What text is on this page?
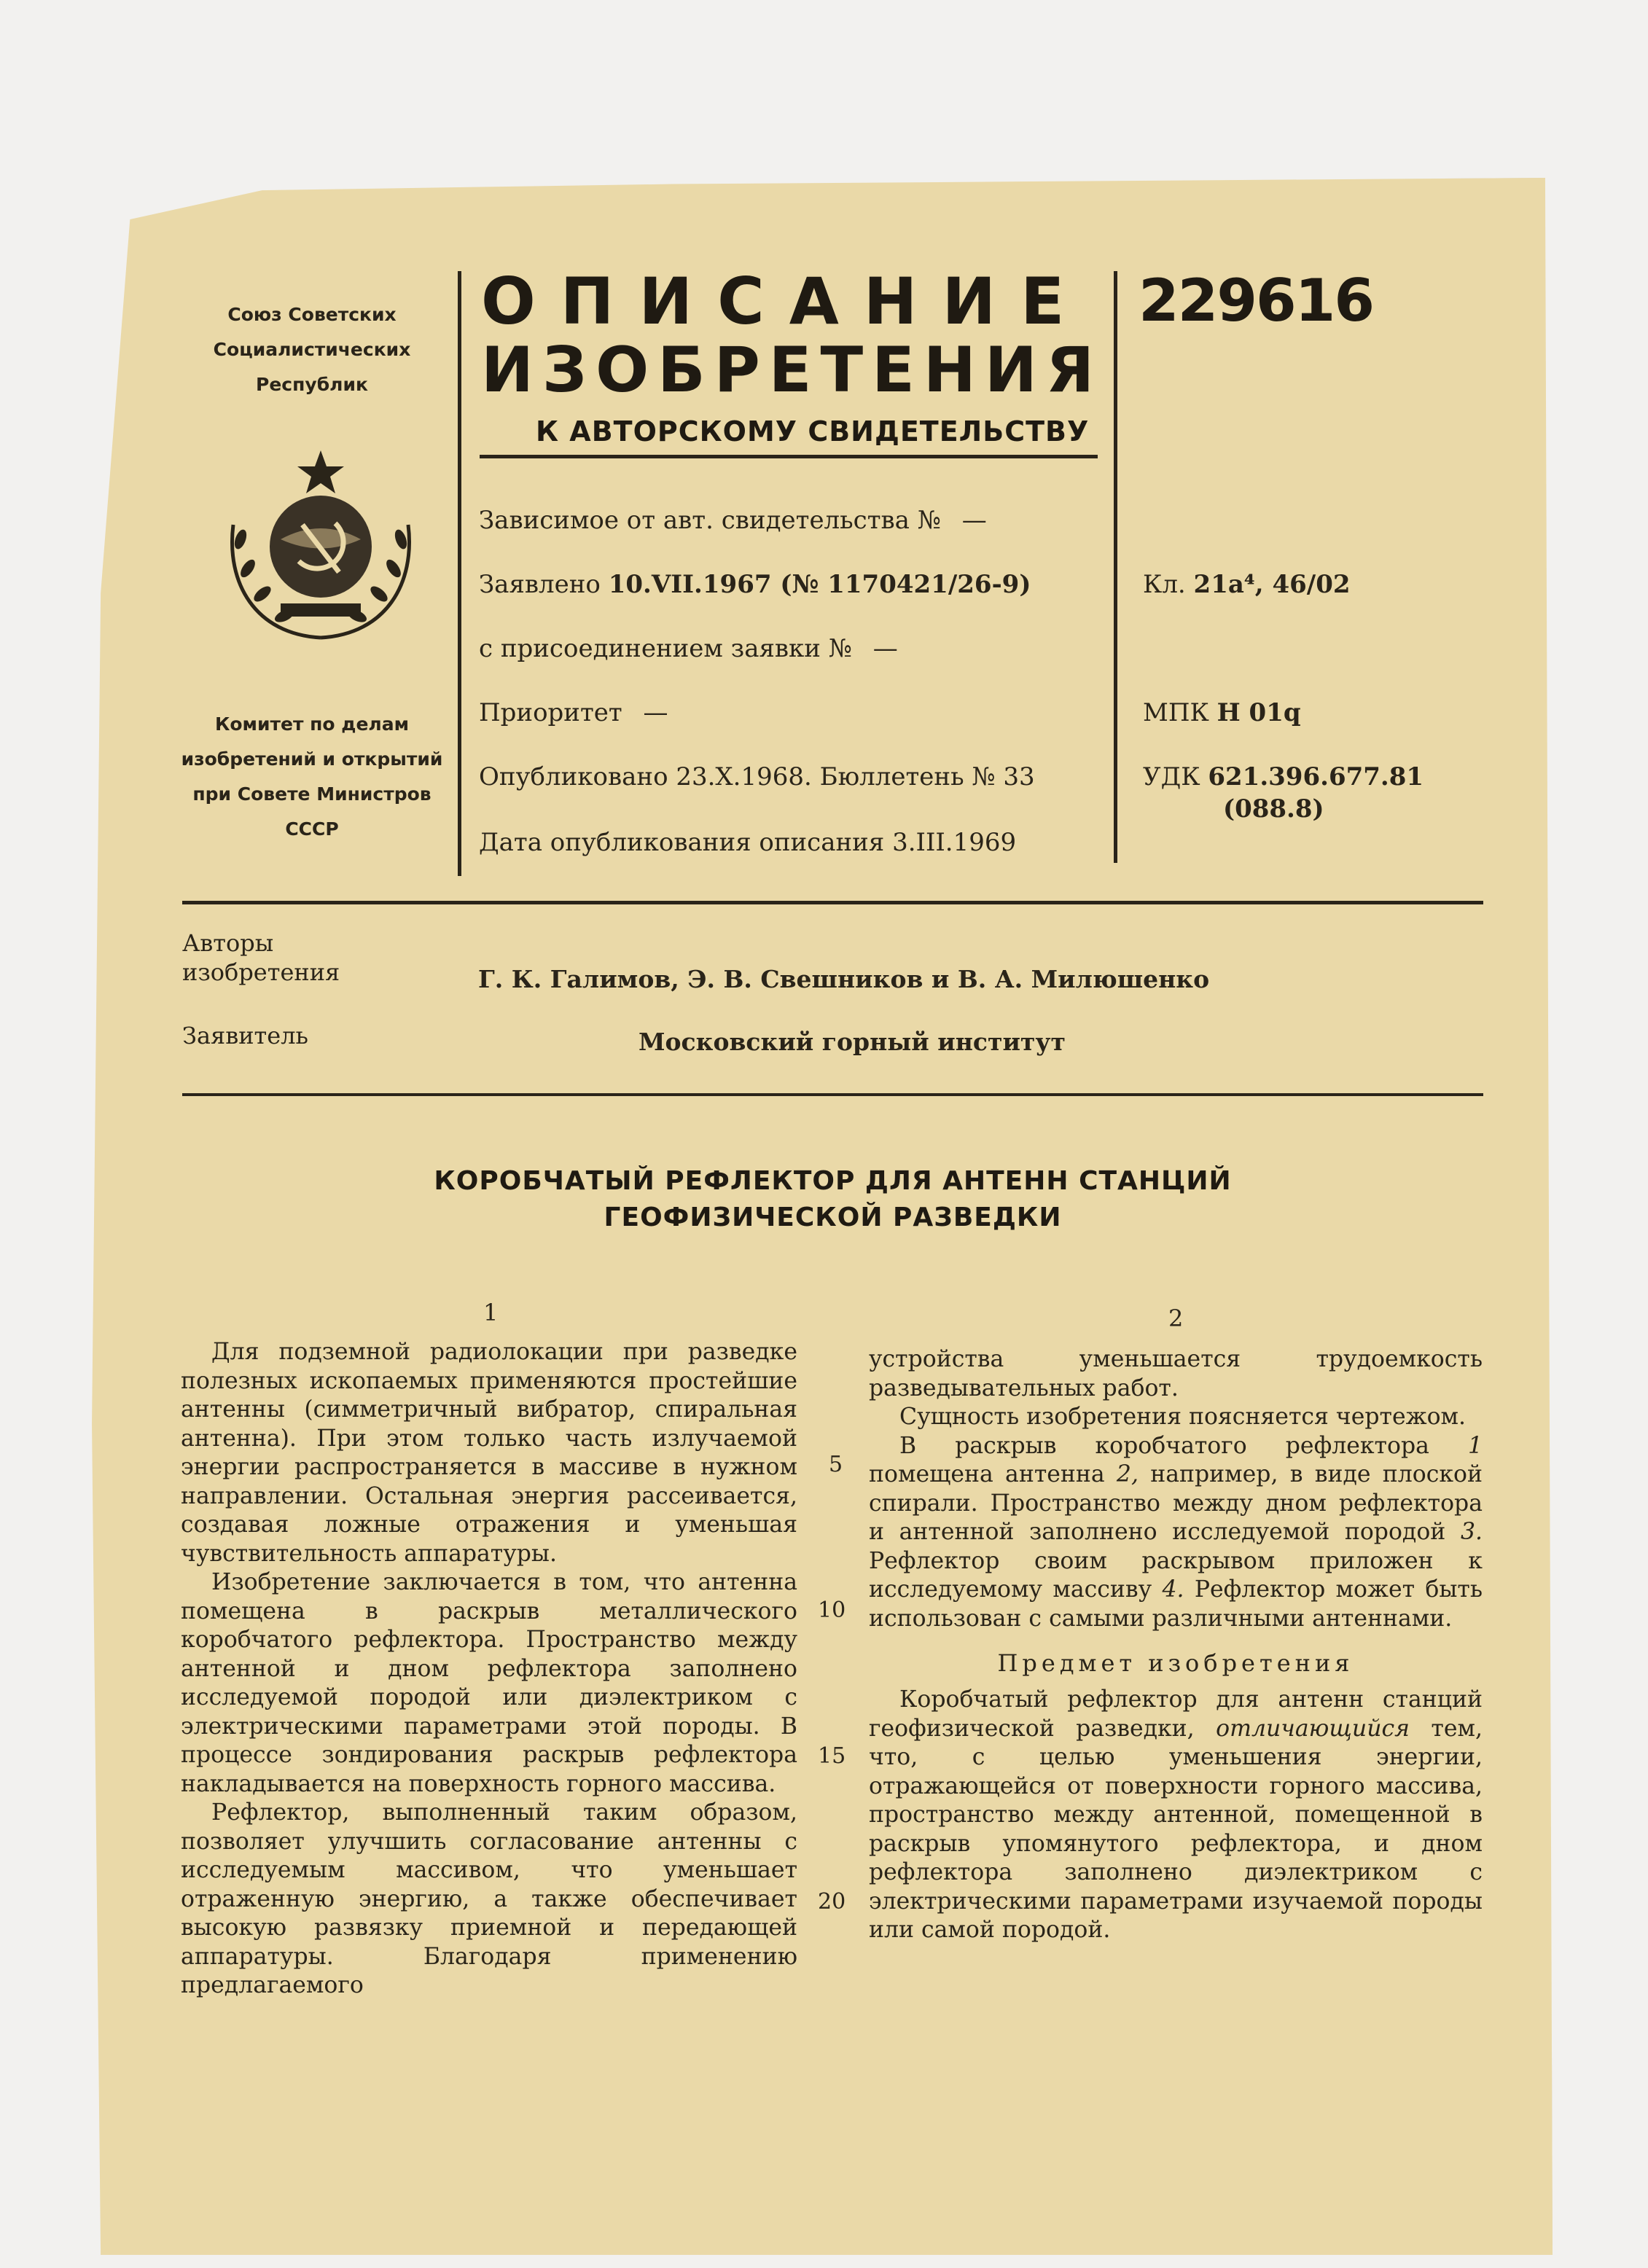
Союз Советских
Социалистических
Республик
Комитет по делам
изобретений и открытий
при Совете Министров
СССР
ОПИСАНИЕ
ИЗОБРЕТЕНИЯ
К АВТОРСКОМУ СВИДЕТЕЛЬСТВУ
229616
Зависимое от авт. свидетельства № —
Заявлено 10.VII.1967 (№ 1170421/26-9)
с присоединением заявки № —
Приоритет —
Опубликовано 23.X.1968. Бюллетень № 33
Дата опубликования описания 3.III.1969
Кл. 21a⁴, 46/02
МПК H 01q
УДК 621.396.677.81
(088.8)
Авторы
изобретения	Г. К. Галимов, Э. В. Свешников и В. А. Милюшенко
Заявитель	Московский горный институт
КОРОБЧАТЫЙ РЕФЛЕКТОР ДЛЯ АНТЕНН СТАНЦИЙ
ГЕОФИЗИЧЕСКОЙ РАЗВЕДКИ
1	2

Для подземной радиолокации при разведке полезных ископаемых применяются простейшие антенны (симметричный вибратор, спиральная антенна). При этом только часть излучаемой энергии распространяется в массиве в нужном направлении. Остальная энергия рассеивается, создавая ложные отражения и уменьшая чувствительность аппаратуры.

Изобретение заключается в том, что антенна помещена в раскрыв металлического коробчатого рефлектора. Пространство между антенной и дном рефлектора заполнено исследуемой породой или диэлектриком с электрическими параметрами этой породы. В процессе зондирования раскрыв рефлектора накладывается на поверхность горного массива.

Рефлектор, выполненный таким образом, позволяет улучшить согласование антенны с исследуемым массивом, что уменьшает отраженную энергию, а также обеспечивает высокую развязку приемной и передающей аппаратуры. Благодаря применению предлагаемого

5
10
15
20

устройства уменьшается трудоемкость разведывательных работ.

Сущность изобретения поясняется чертежом.

В раскрыв коробчатого рефлектора 1 помещена антенна 2, например, в виде плоской спирали. Пространство между дном рефлектора и антенной заполнено исследуемой породой 3. Рефлектор своим раскрывом приложен к исследуемому массиву 4. Рефлектор может быть использован с самыми различными антеннами.

Предмет изобретения

Коробчатый рефлектор для антенн станций геофизической разведки, отличающийся тем, что, с целью уменьшения энергии, отражающейся от поверхности горного массива, пространство между антенной, помещенной в раскрыв упомянутого рефлектора, и дном рефлектора заполнено диэлектриком с электрическими параметрами изучаемой породы или самой породой.
